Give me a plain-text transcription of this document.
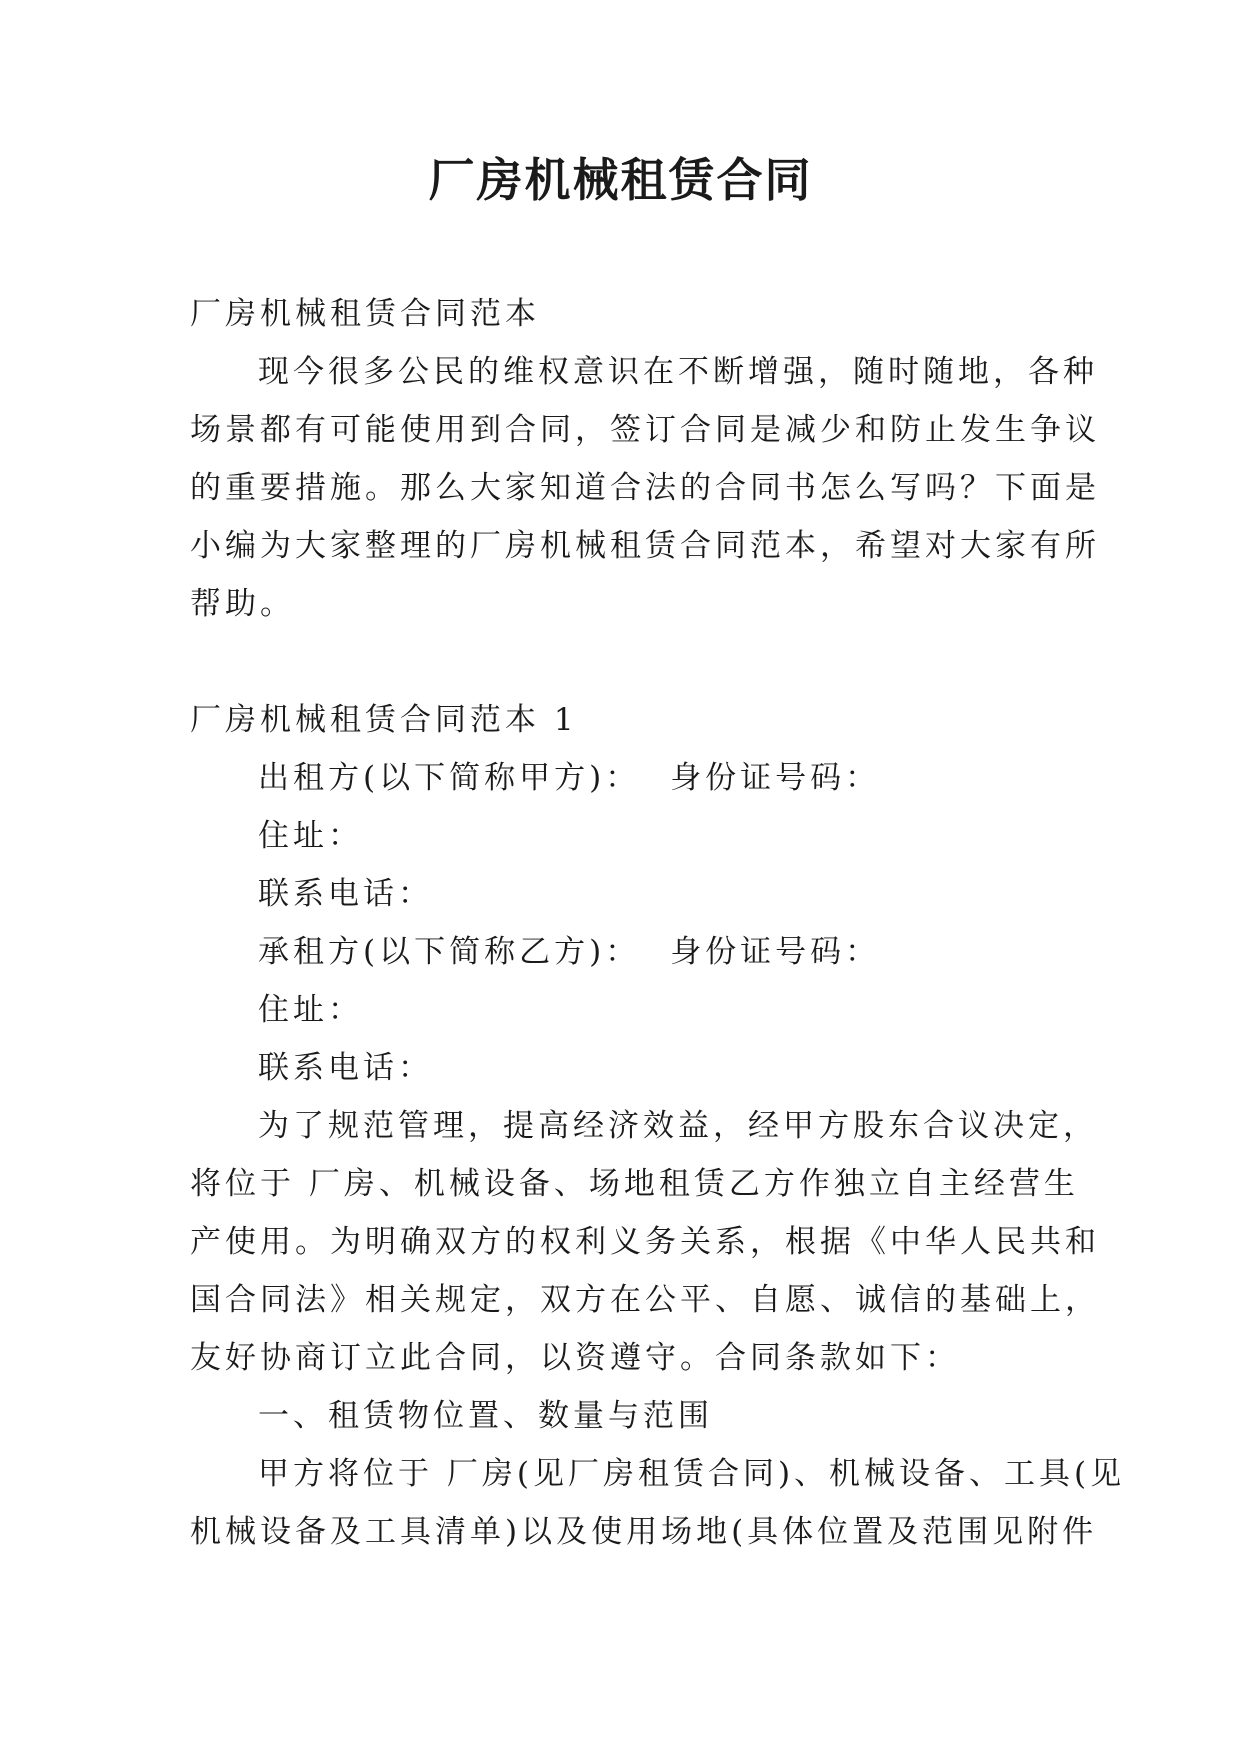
厂房机械租赁合同
厂房机械租赁合同范本
现今很多公民的维权意识在不断增强，随时随地，各种
场景都有可能使用到合同，签订合同是减少和防止发生争议
的重要措施。那么大家知道合法的合同书怎么写吗？下面是
小编为大家整理的厂房机械租赁合同范本，希望对大家有所
帮助。
厂房机械租赁合同范本 1
出租方(以下简称甲方)： 身份证号码：
住址：
联系电话：
承租方(以下简称乙方)： 身份证号码：
住址：
联系电话：
为了规范管理，提高经济效益，经甲方股东合议决定，
将位于 厂房、机械设备、场地租赁乙方作独立自主经营生
产使用。为明确双方的权利义务关系，根据《中华人民共和
国合同法》相关规定，双方在公平、自愿、诚信的基础上，
友好协商订立此合同，以资遵守。合同条款如下：
一、租赁物位置、数量与范围
甲方将位于 厂房(见厂房租赁合同)、机械设备、工具(见
机械设备及工具清单)以及使用场地(具体位置及范围见附件
